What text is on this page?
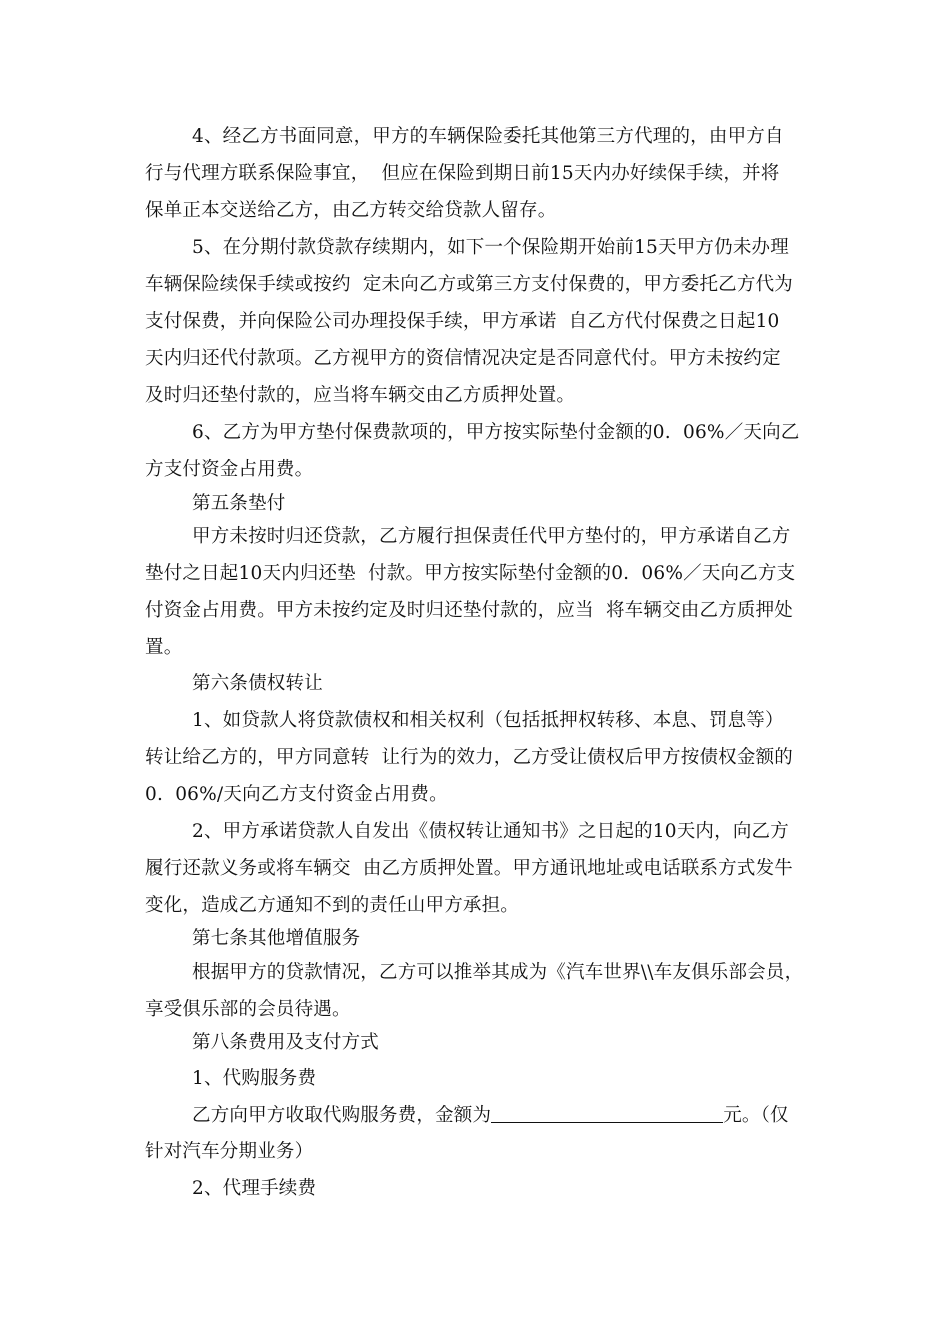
4、经乙方书面同意，甲方的车辆保险委托其他第三方代理的，由甲方自
行与代理方联系保险事宜，  但应在保险到期日前15天内办好续保手续，并将
保单正本交送给乙方，由乙方转交给贷款人留存。
5、在分期付款贷款存续期内，如下一个保险期开始前15天甲方仍未办理
车辆保险续保手续或按约  定未向乙方或第三方支付保费的，甲方委托乙方代为
支付保费，并向保险公司办理投保手续，甲方承诺  自乙方代付保费之日起10
天内归还代付款项。乙方视甲方的资信情况决定是否同意代付。甲方未按约定
及时归还垫付款的，应当将车辆交由乙方质押处置。
6、乙方为甲方垫付保费款项的，甲方按实际垫付金额的0.  06%／天向乙
方支付资金占用费。
第五条垫付
甲方未按时归还贷款，乙方履行担保责任代甲方垫付的，甲方承诺自乙方
垫付之日起10天内归还垫  付款。甲方按实际垫付金额的0.  06%／天向乙方支
付资金占用费。甲方未按约定及时归还垫付款的，应当  将车辆交由乙方质押处
置。
第六条债权转让
1、如贷款人将贷款债权和相关权利（包括抵押权转移、本息、罚息等）
转让给乙方的，甲方同意转  让行为的效力，乙方受让债权后甲方按债权金额的
0.  06%/天向乙方支付资金占用费。
2、甲方承诺贷款人自发出《债权转让通知书》之日起的10天内，向乙方
履行还款义务或将车辆交  由乙方质押处置。甲方通讯地址或电话联系方式发牛
变化，造成乙方通知不到的责任山甲方承担。
第七条其他增值服务
根据甲方的贷款情况，乙方可以推举其成为《汽车世界\\车友俱乐部会员，
享受俱乐部的会员待遇。
第八条费用及支付方式
1、代购服务费
乙方向甲方收取代购服务费，金额为	元。（仅
针对汽车分期业务）
2、代理手续费
